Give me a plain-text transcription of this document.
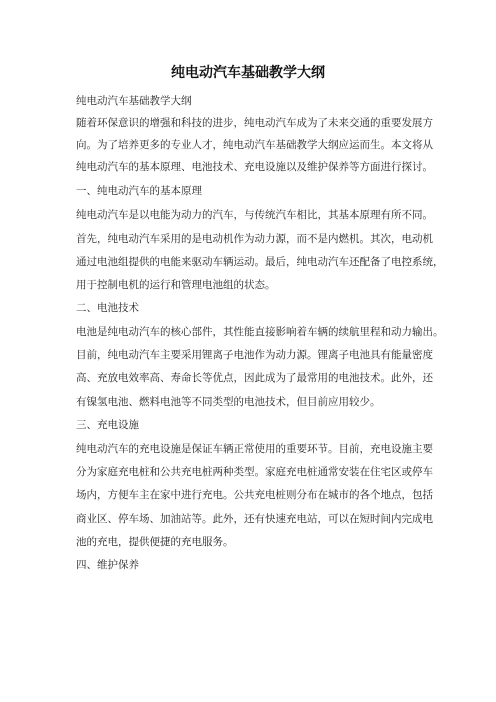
纯电动汽车基础教学大纲
纯电动汽车基础教学大纲
随着环保意识的增强和科技的进步，纯电动汽车成为了未来交通的重要发展方
向。为了培养更多的专业人才，纯电动汽车基础教学大纲应运而生。本文将从
纯电动汽车的基本原理、电池技术、充电设施以及维护保养等方面进行探讨。
一、纯电动汽车的基本原理
纯电动汽车是以电能为动力的汽车，与传统汽车相比，其基本原理有所不同。
首先，纯电动汽车采用的是电动机作为动力源，而不是内燃机。其次，电动机
通过电池组提供的电能来驱动车辆运动。最后，纯电动汽车还配备了电控系统，
用于控制电机的运行和管理电池组的状态。
二、电池技术
电池是纯电动汽车的核心部件，其性能直接影响着车辆的续航里程和动力输出。
目前，纯电动汽车主要采用锂离子电池作为动力源。锂离子电池具有能量密度
高、充放电效率高、寿命长等优点，因此成为了最常用的电池技术。此外，还
有镍氢电池、燃料电池等不同类型的电池技术，但目前应用较少。
三、充电设施
纯电动汽车的充电设施是保证车辆正常使用的重要环节。目前，充电设施主要
分为家庭充电桩和公共充电桩两种类型。家庭充电桩通常安装在住宅区或停车
场内，方便车主在家中进行充电。公共充电桩则分布在城市的各个地点，包括
商业区、停车场、加油站等。此外，还有快速充电站，可以在短时间内完成电
池的充电，提供便捷的充电服务。
四、维护保养
